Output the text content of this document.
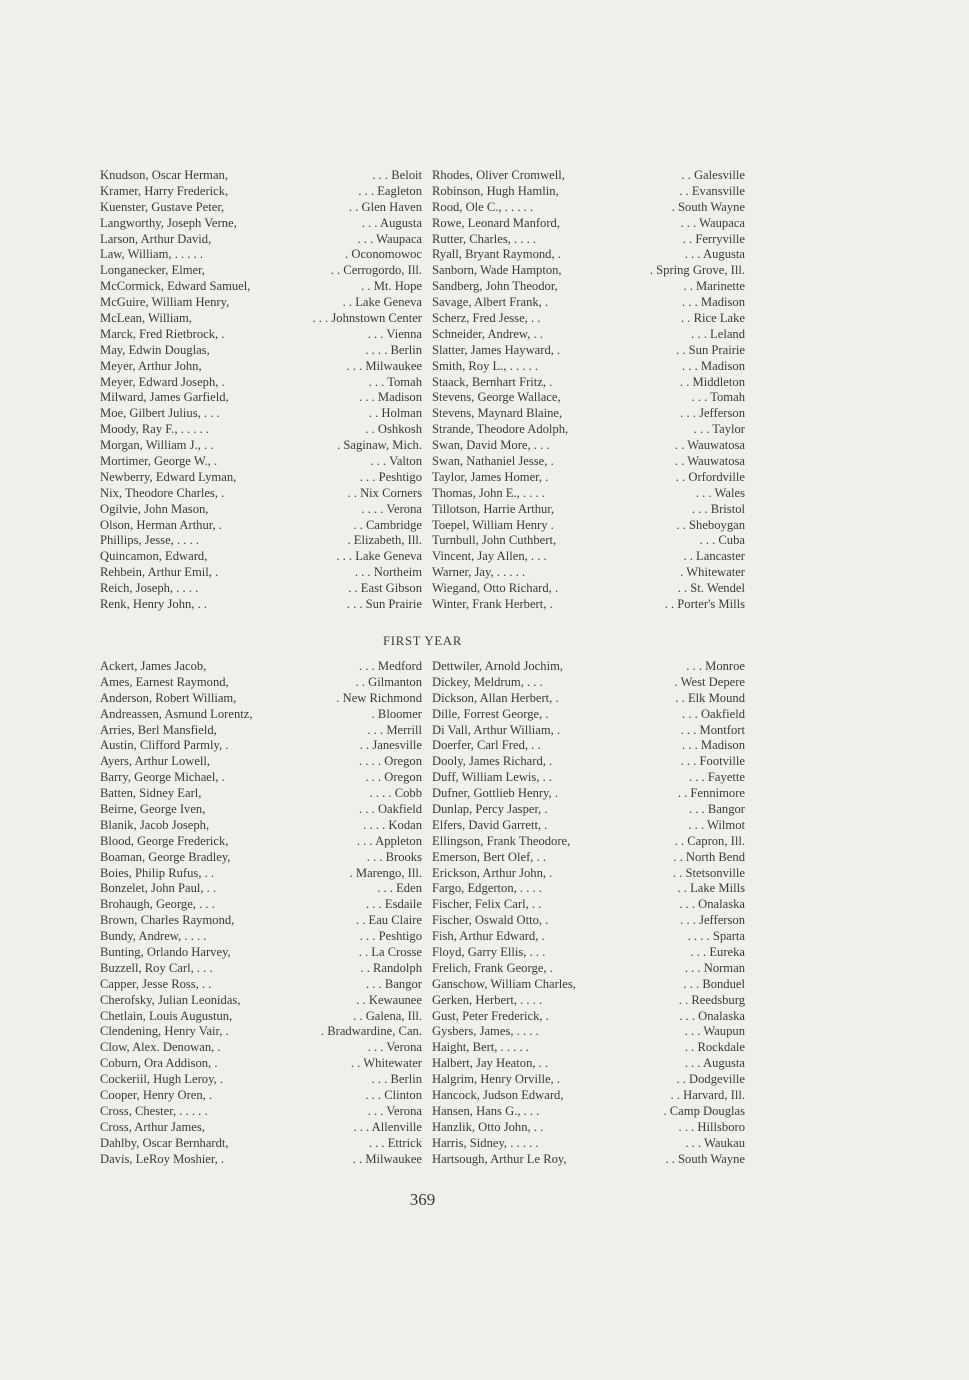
Knudson, Oscar Herman,	. . . Beloit
Kramer, Harry Frederick,	. . . Eagleton
Kuenster, Gustave Peter,	. . Glen Haven
Langworthy, Joseph Verne,	. . . Augusta
Larson, Arthur David,	. . . Waupaca
Law, William, . . . . .	. Oconomowoc
Longanecker, Elmer,	. . Cerrogordo, Ill.
McCormick, Edward Samuel,	. . Mt. Hope
McGuire, William Henry,	. . Lake Geneva
McLean, William,	. . . Johnstown Center
Marck, Fred Rietbrock, .	. . . Vienna
May, Edwin Douglas,	. . . . Berlin
Meyer, Arthur John,	. . . Milwaukee
Meyer, Edward Joseph, .	. . . Tomah
Milward, James Garfield,	. . . Madison
Moe, Gilbert Julius, . . .	. . Holman
Moody, Ray F., . . . . .	. . Oshkosh
Morgan, William J., . .	. Saginaw, Mich.
Mortimer, George W., .	. . . Valton
Newberry, Edward Lyman,	. . . Peshtigo
Nix, Theodore Charles, .	. . Nix Corners
Ogilvie, John Mason,	. . . . Verona
Olson, Herman Arthur, .	. . Cambridge
Phillips, Jesse, . . . .	. Elizabeth, Ill.
Quincamon, Edward,	. . . Lake Geneva
Rehbein, Arthur Emil, .	. . . Northeim
Reich, Joseph, . . . .	. . East Gibson
Renk, Henry John, . .	. . . Sun Prairie
Rhodes, Oliver Cromwell,	. . Galesville
Robinson, Hugh Hamlin,	. . Evansville
Rood, Ole C., . . . . .	. South Wayne
Rowe, Leonard Manford,	. . . Waupaca
Rutter, Charles, . . . .	. . Ferryville
Ryall, Bryant Raymond, .	. . . Augusta
Sanborn, Wade Hampton,	. Spring Grove, Ill.
Sandberg, John Theodor,	. . Marinette
Savage, Albert Frank, .	. . . Madison
Scherz, Fred Jesse, . .	. . Rice Lake
Schneider, Andrew, . .	. . . Leland
Slatter, James Hayward, .	. . Sun Prairie
Smith, Roy L., . . . . .	. . . Madison
Staack, Bernhart Fritz, .	. . Middleton
Stevens, George Wallace,	. . . Tomah
Stevens, Maynard Blaine,	. . . Jefferson
Strande, Theodore Adolph,	. . . Taylor
Swan, David More, . . .	. . Wauwatosa
Swan, Nathaniel Jesse, .	. . Wauwatosa
Taylor, James Homer, .	. . Orfordville
Thomas, John E., . . . .	. . . Wales
Tillotson, Harrie Arthur,	. . . Bristol
Toepel, William Henry .	. . Sheboygan
Turnbull, John Cuthbert,	. . . Cuba
Vincent, Jay Allen, . . .	. . Lancaster
Warner, Jay, . . . . .	. Whitewater
Wiegand, Otto Richard, .	. . St. Wendel
Winter, Frank Herbert, .	. . Porter's Mills
FIRST YEAR
Ackert, James Jacob,	. . . Medford
Ames, Earnest Raymond,	. . Gilmanton
Anderson, Robert William,	. New Richmond
Andreassen, Asmund Lorentz,	. Bloomer
Arries, Berl Mansfield,	. . . Merrill
Austin, Clifford Parmly, .	. . Janesville
Ayers, Arthur Lowell,	. . . . Oregon
Barry, George Michael, .	. . . Oregon
Batten, Sidney Earl,	. . . . Cobb
Beirne, George Iven,	. . . Oakfield
Blanik, Jacob Joseph,	. . . . Kodan
Blood, George Frederick,	. . . Appleton
Boaman, George Bradley,	. . . Brooks
Boies, Philip Rufus, . .	. Marengo, Ill.
Bonzelet, John Paul, . .	. . . Eden
Brohaugh, George, . . .	. . . Esdaile
Brown, Charles Raymond,	. . Eau Claire
Bundy, Andrew, . . . .	. . . Peshtigo
Bunting, Orlando Harvey,	. . La Crosse
Buzzell, Roy Carl, . . .	. . Randolph
Capper, Jesse Ross, . .	. . . Bangor
Cherofsky, Julian Leonidas,	. . Kewaunee
Chetlain, Louis Augustun,	. . Galena, Ill.
Clendening, Henry Vair, .	. Bradwardine, Can.
Clow, Alex. Denowan, .	. . . Verona
Coburn, Ora Addison, .	. . Whitewater
Cockeriil, Hugh Leroy, .	. . . Berlin
Cooper, Henry Oren, .	. . . Clinton
Cross, Chester, . . . . .	. . . Verona
Cross, Arthur James,	. . . Allenville
Dahlby, Oscar Bernhardt,	. . . Ettrick
Davis, LeRoy Moshier, .	. . Milwaukee
Dettwiler, Arnold Jochim,	. . . Monroe
Dickey, Meldrum, . . .	. West Depere
Dickson, Allan Herbert, .	. . Elk Mound
Dille, Forrest George, .	. . . Oakfield
Di Vall, Arthur William, .	. . . Montfort
Doerfer, Carl Fred, . .	. . . Madison
Dooly, James Richard, .	. . . Footville
Duff, William Lewis, . .	. . . Fayette
Dufner, Gottlieb Henry, .	. . Fennimore
Dunlap, Percy Jasper, .	. . . Bangor
Elfers, David Garrett, .	. . . Wilmot
Ellingson, Frank Theodore,	. . Capron, Ill.
Emerson, Bert Olef, . .	. . North Bend
Erickson, Arthur John, .	. . Stetsonville
Fargo, Edgerton, . . . .	. . Lake Mills
Fischer, Felix Carl, . .	. . . Onalaska
Fischer, Oswald Otto, .	. . . Jefferson
Fish, Arthur Edward, .	. . . . Sparta
Floyd, Garry Ellis, . . .	. . . Eureka
Frelich, Frank George, .	. . . Norman
Ganschow, William Charles,	. . . Bonduel
Gerken, Herbert, . . . .	. . Reedsburg
Gust, Peter Frederick, .	. . . Onalaska
Gysbers, James, . . . .	. . . Waupun
Haight, Bert, . . . . .	. . Rockdale
Halbert, Jay Heaton, . .	. . . Augusta
Halgrim, Henry Orville, .	. . Dodgeville
Hancock, Judson Edward,	. . Harvard, Ill.
Hansen, Hans G., . . .	. Camp Douglas
Hanzlik, Otto John, . .	. . . Hillsboro
Harris, Sidney, . . . . .	. . . Waukau
Hartsough, Arthur Le Roy,	. . South Wayne
369
